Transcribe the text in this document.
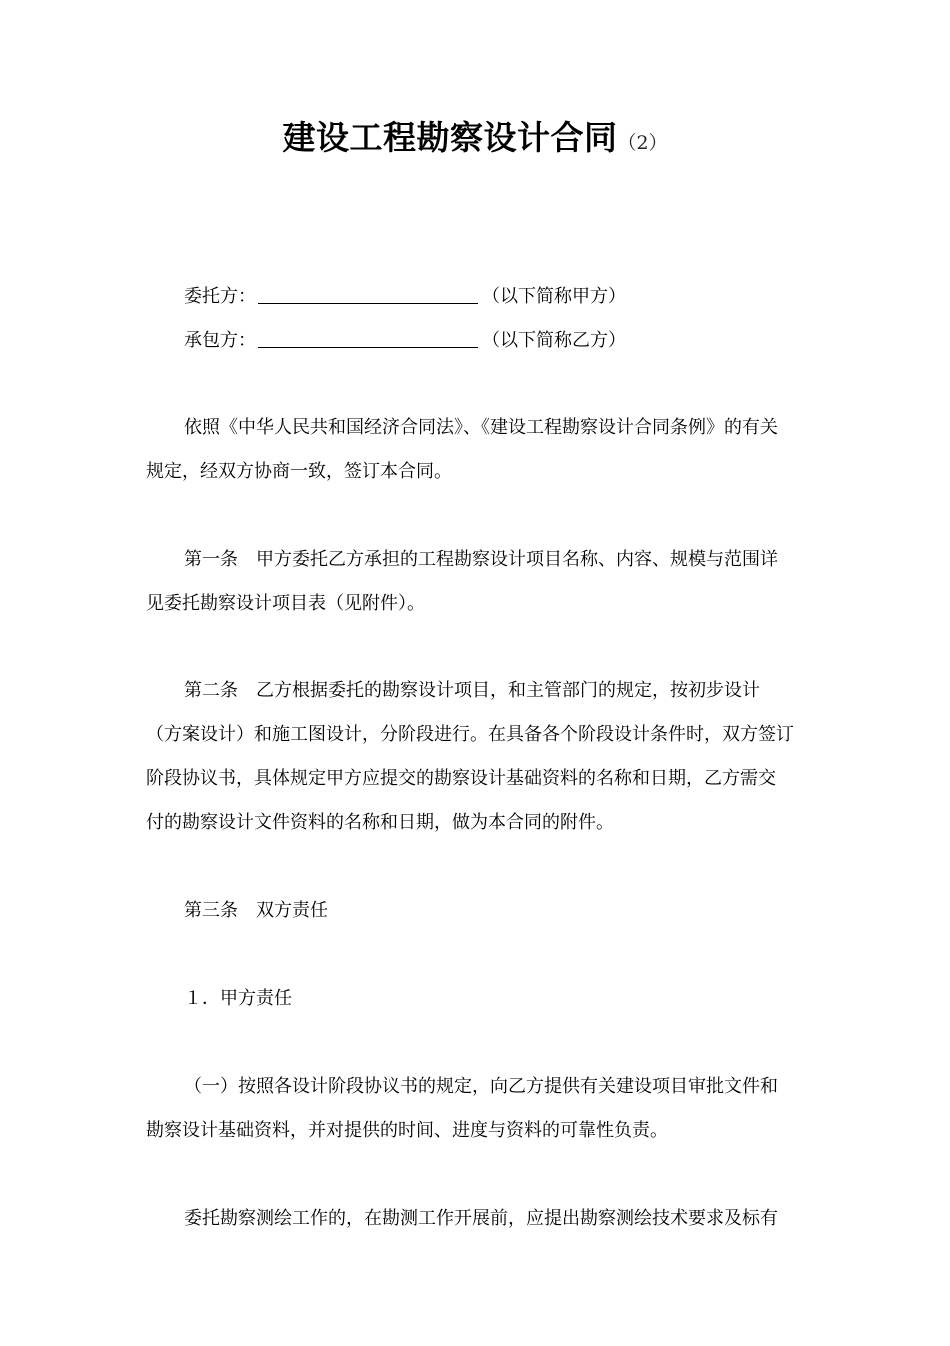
建设工程勘察设计合同（2）
委托方：	（以下简称甲方）
承包方：	（以下简称乙方）
依照《中华人民共和国经济合同法》、《建设工程勘察设计合同条例》的有关
规定，经双方协商一致，签订本合同。
第一条 甲方委托乙方承担的工程勘察设计项目名称、内容、规模与范围详
见委托勘察设计项目表（见附件）。
第二条 乙方根据委托的勘察设计项目，和主管部门的规定，按初步设计
（方案设计）和施工图设计，分阶段进行。在具备各个阶段设计条件时，双方签订
阶段协议书，具体规定甲方应提交的勘察设计基础资料的名称和日期，乙方需交
付的勘察设计文件资料的名称和日期，做为本合同的附件。
第三条 双方责任
１．甲方责任
（一）按照各设计阶段协议书的规定，向乙方提供有关建设项目审批文件和
勘察设计基础资料，并对提供的时间、进度与资料的可靠性负责。
委托勘察测绘工作的，在勘测工作开展前，应提出勘察测绘技术要求及标有
